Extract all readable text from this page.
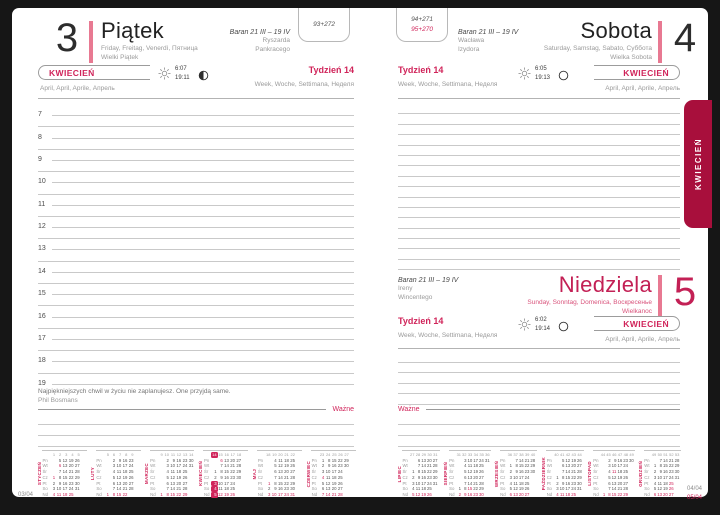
3	Piątek
Friday, Freitag, Venerdì, Пятница
Wielki Piątek
Baran 21 III – 19 IV
Ryszarda
Pankracego
93+272
KWIECIEŃ
April, April, Aprile, Апрель
6:07
19:11
Tydzień 14
Week, Woche, Settimana, Неделя
7
8
9
10
11
12
13
14
15
16
17
18
19
Najpiękniejszych chwil w życiu nie zaplanujesz. One przyjdą same.
Phil Bosmans
Ważne
STYCZEŃ
1 2 3 4 5
Pn	5 12 19 26
Wt	6 13 20 27
Śr	7 14 21 28
Cz	1 8 15 22 29
Pt	2 9 16 23 30
So	3 10 17 24 31
Nd	4 11 18 25
LUTY
5 6 7 8 9
Pn	2 9 16 23
Wt	3 10 17 24
Śr	4 11 18 25
Cz	5 12 19 26
Pt	6 13 20 27
So	7 14 21 28
Nd	1 8 15 22
MARZEC
9 10 11 12 13 14
Pn	2 9 16 23 30
Wt	3 10 17 24 31
Śr	4 11 18 25
Cz	5 12 19 26
Pt	6 13 20 27
So	7 14 21 28
Nd	1 8 15 22 29
KWIECIEŃ
14 15 16 17 18
Pn	6 13 20 27
Wt	7 14 21 28
Śr	1 8 15 22 29
Cz	2 9 16 23 30
Pt	3 10 17 24
So	4 11 18 25
Nd	5 12 19 26
MAJ
18 19 20 21 22
Pn	4 11 18 25
Wt	5 12 19 26
Śr	6 13 20 27
Cz	7 14 21 28
Pt	1 8 15 22 29
So	2 9 16 23 30
Nd	3 10 17 24 31
CZERWIEC
23 24 25 26 27
Pn	1 8 15 22 29
Wt	2 9 16 23 30
Śr	3 10 17 24
Cz	4 11 18 25
Pt	5 12 19 26
So	6 13 20 27
Nd	7 14 21 28
03/04
94+271
95+270	Baran 21 III – 19 IV
Wacława
Izydora
Sobota
Saturday, Samstag, Sabato, Суббота
Wielka Sobota 4
Tydzień 14
Week, Woche, Settimana, Неделя
6:05
19:13
KWIECIEŃ
April, April, Aprile, Апрель
Baran 21 III – 19 IV
Ireny
Wincentego
Niedziela
Sunday, Sonntag, Domenica, Воскресенье
Wielkanoc 5
Tydzień 14
Week, Woche, Settimana, Неделя
6:02
19:14
KWIECIEŃ
April, April, Aprile, Апрель
Ważne
LIPIEC
27 28 29 30 31
Pn	6 13 20 27
Wt	7 14 21 28
Śr	1 8 15 22 29
Cz 2 9 16 23 30
Pt	3 10 17 24 31
So 4 11 18 25
Nd 5 12 19 26
SIERPIEŃ
31 32 33 34 35 36
Pn	3 10 17 24 31
Wt	4 11 18 25
Śr	5 12 19 26
Cz	6 13 20 27
Pt	7 14 21 28
So 1 8 15 22 29
Nd 2 9 16 23 30
WRZESIEŃ
36 37 38 39 40
Pn	7 14 21 28
Wt	1 8 15 22 29
Śr	2 9 16 23 30
Cz 3 10 17 24
Pt	4 11 18 25
So 5 12 19 26
Nd 6 13 20 27
PAŹDZIERNIK
40 41 42 43 44
Pn	5 12 19 26
Wt	6 13 20 27
Śr	7 14 21 28
Cz 1 8 15 22 29
Pt	2 9 16 23 30
So 3 10 17 24 31
Nd 4 11 18 25
LISTOPAD
44 45 46 47 48 49
Pn	2 9 16 23 30
Wt	3 10 17 24
Śr	4 11 18 25
Cz	5 12 19 26
Pt	6 13 20 27
So	7 14 21 28
Nd 1 8 15 22 29
GRUDZIEŃ
49 50 51 52 53
Pn	7 14 21 28
Wt	1 8 15 22 29
Śr	2 9 16 23 30
Cz 3 10 17 24 31
Pt	4 11 18 25
So 5 12 19 26
Nd 6 13 20 27
04/04
05/04
KWIECIEŃ
